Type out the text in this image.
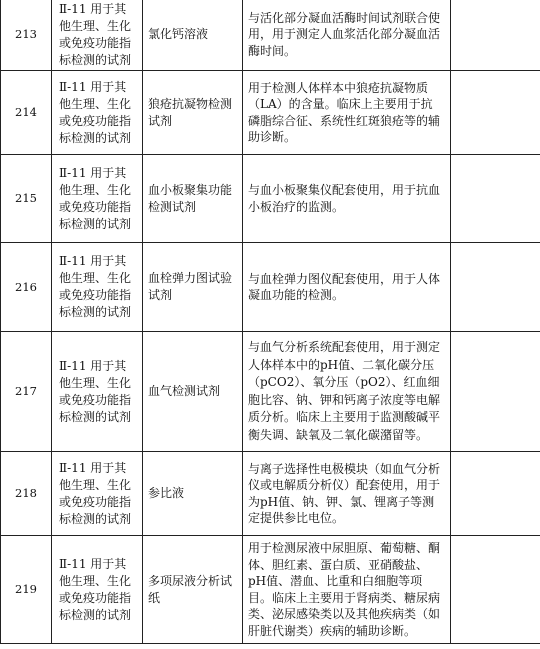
213	Ⅱ-11 用于其
他生理、生化
或免疫功能指
标检测的试剂	氯化钙溶液	与活化部分凝血活酶时间试剂联合使用，用于测定人血浆活化部分凝血活酶时间。	
214	Ⅱ-11 用于其
他生理、生化
或免疫功能指
标检测的试剂	狼疮抗凝物检测试剂	用于检测人体样本中狼疮抗凝物质（LA）的含量。临床上主要用于抗磷脂综合征、系统性红斑狼疮等的辅助诊断。	
215	Ⅱ-11 用于其
他生理、生化
或免疫功能指
标检测的试剂	血小板聚集功能检测试剂	与血小板聚集仪配套使用，用于抗血小板治疗的监测。	
216	Ⅱ-11 用于其
他生理、生化
或免疫功能指
标检测的试剂	血栓弹力图试验试剂	与血栓弹力图仪配套使用，用于人体凝血功能的检测。	
217	Ⅱ-11 用于其
他生理、生化
或免疫功能指
标检测的试剂	血气检测试剂	与血气分析系统配套使用，用于测定人体样本中的pH值、二氧化碳分压（pCO2）、氧分压（pO2）、红血细胞比容、钠、钾和钙离子浓度等电解质分析。临床上主要用于监测酸碱平衡失调、缺氧及二氧化碳潴留等。	
218	Ⅱ-11 用于其
他生理、生化
或免疫功能指
标检测的试剂	参比液	与离子选择性电极模块（如血气分析仪或电解质分析仪）配套使用，用于为pH值、钠、钾、氯、锂离子等测定提供参比电位。	
219	Ⅱ-11 用于其
他生理、生化
或免疫功能指
标检测的试剂	多项尿液分析试纸	用于检测尿液中尿胆原、葡萄糖、酮体、胆红素、蛋白质、亚硝酸盐、pH值、潜血、比重和白细胞等项目。临床上主要用于肾病类、糖尿病类、泌尿感染类以及其他疾病类（如肝脏代谢类）疾病的辅助诊断。	
